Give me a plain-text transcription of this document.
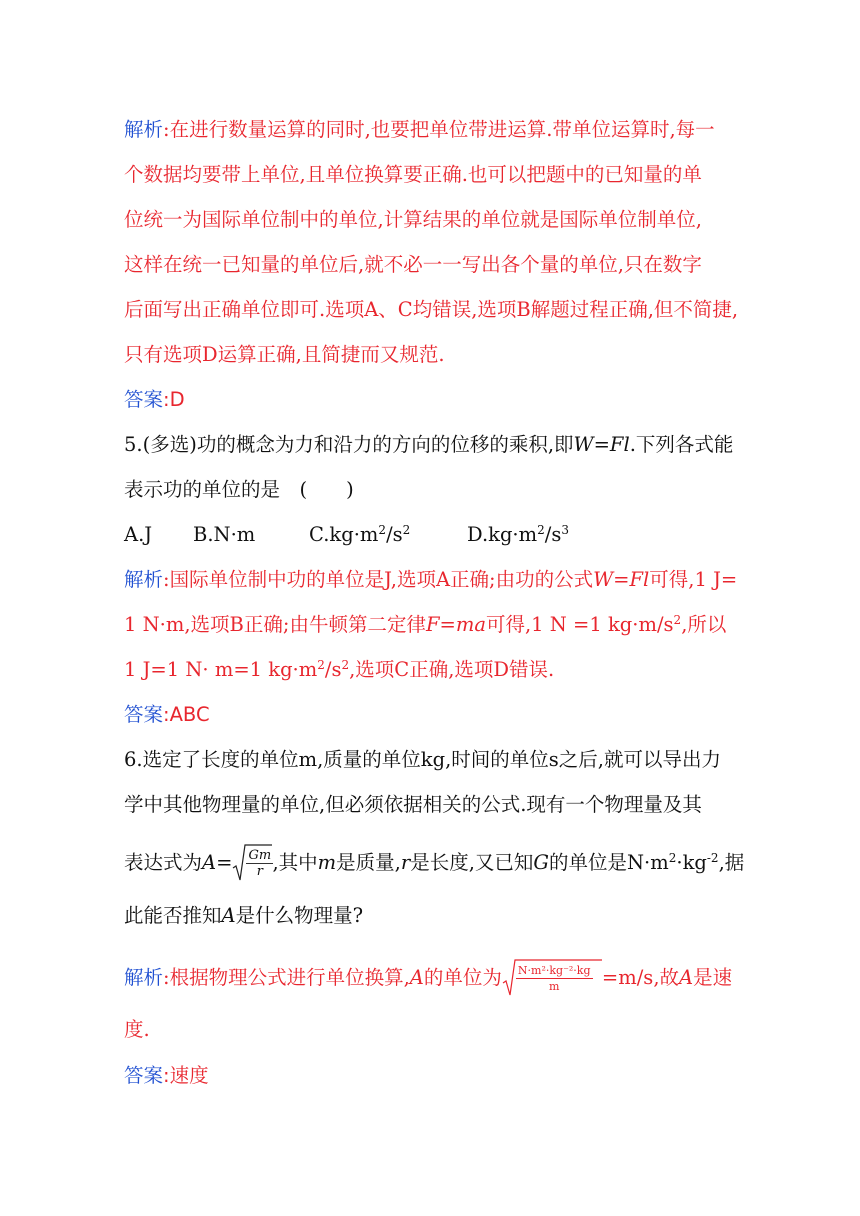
解析:在进行数量运算的同时,也要把单位带进运算.带单位运算时,每一
个数据均要带上单位,且单位换算要正确.也可以把题中的已知量的单
位统一为国际单位制中的单位,计算结果的单位就是国际单位制单位,
这样在统一已知量的单位后,就不必一一写出各个量的单位,只在数字
后面写出正确单位即可.选项A、C均错误,选项B解题过程正确,但不简捷,
只有选项D运算正确,且简捷而又规范.
答案:D
5.(多选)功的概念为力和沿力的方向的位移的乘积,即W=Fl.下列各式能
表示功的单位的是　(　　)
A.J B.N·m	$C.kg\cdot m^2/s^2$	$D.kg\cdot m^2/s^3$
解析:国际单位制中功的单位是J,选项A正确;由功的公式W=Fl可得,1 J=
1 N·m,选项B正确;由牛顿第二定律F=ma可得,1 N =1 $kg\cdot m/s^2$,所以
1 J=1 N· m=1 $kg\cdot m^2/s^2$,选项C正确,选项D错误.
答案:ABC
6.选定了长度的单位m,质量的单位kg,时间的单位s之后,就可以导出力
学中其他物理量的单位,但必须依据相关的公式.现有一个物理量及其
表达式为A= Gm
r ,其中m是质量,r是长度,又已知G的单位是$N\cdot m^2\cdot kg^{-2}$,据
此能否推知A是什么物理量?
解析:根据物理公式进行单位换算,A的单位为 $\frac{\text{N·m²·kg⁻²·kg}}{m} =m/s$,故A是速
度.
答案:速度
